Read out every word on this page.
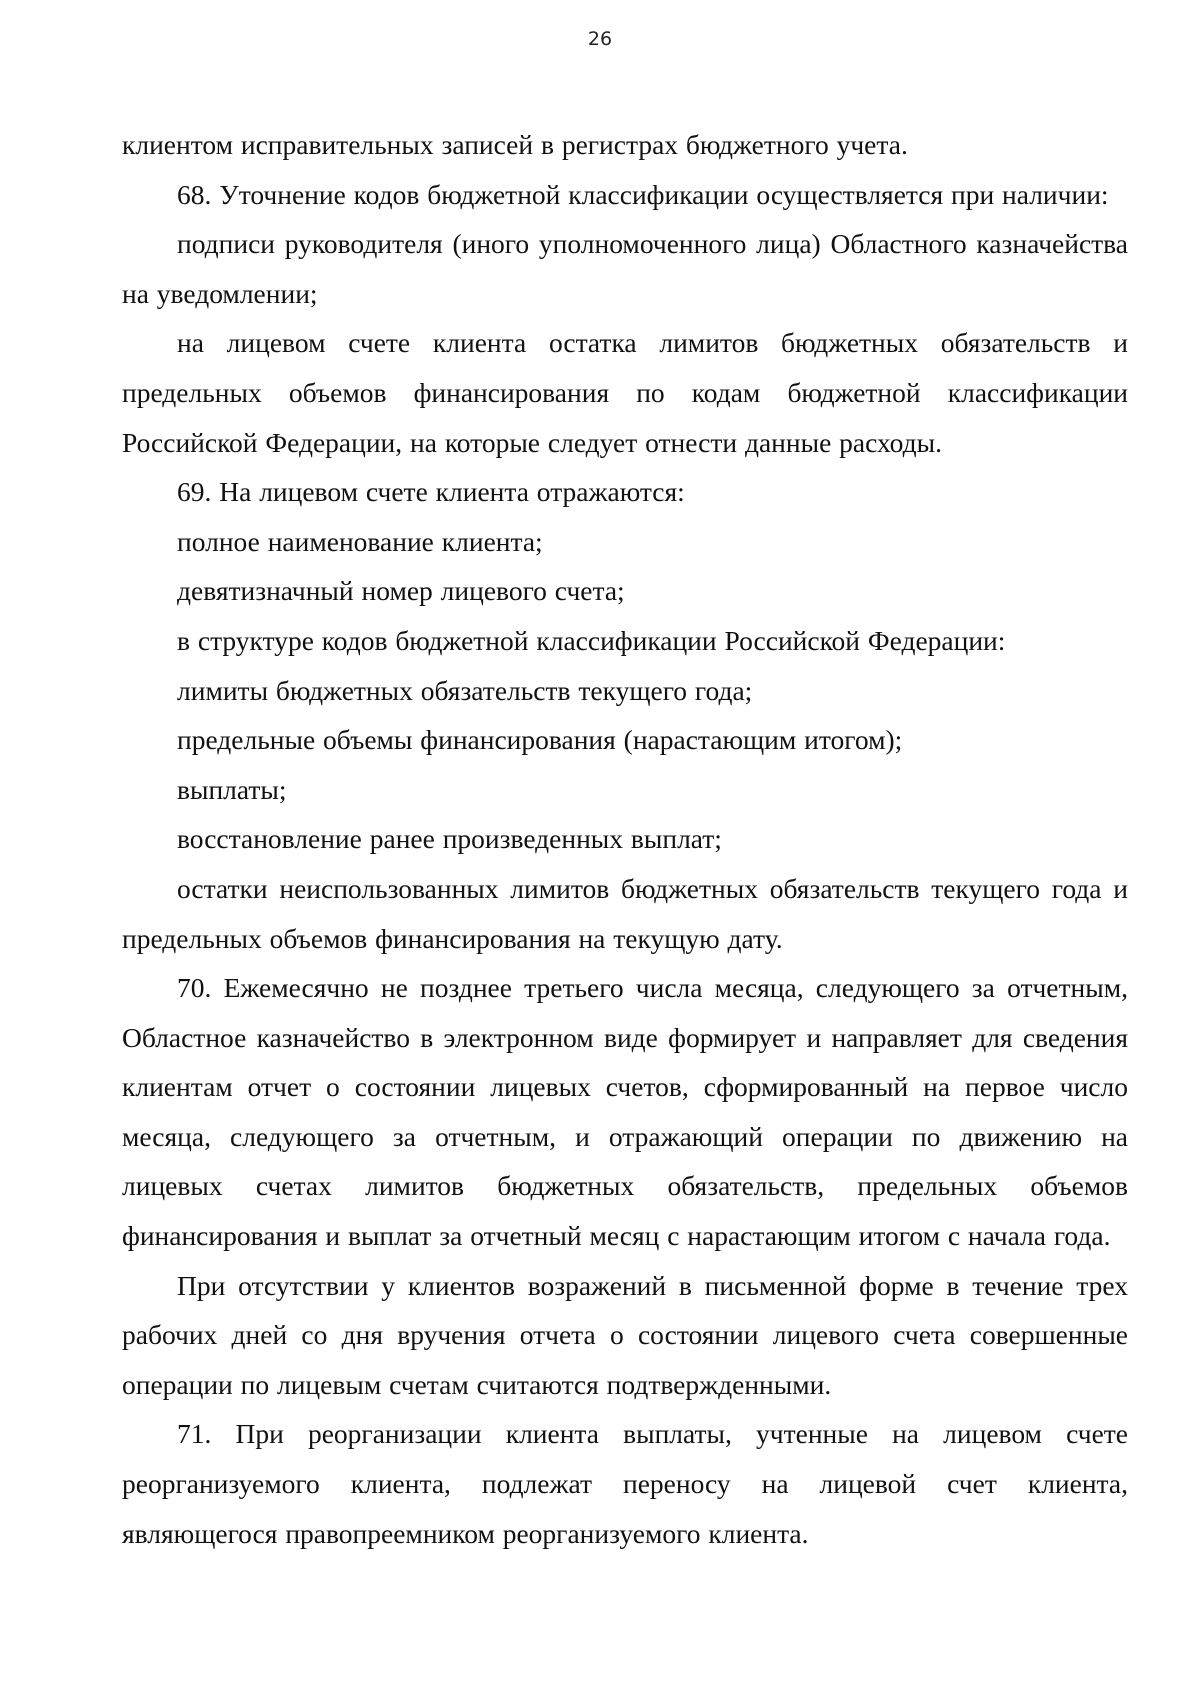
26

клиентом исправительных записей в регистрах бюджетного учета.

68. Уточнение кодов бюджетной классификации осуществляется при наличии:

подписи руководителя (иного уполномоченного лица) Областного казначейства на уведомлении;

на лицевом счете клиента остатка лимитов бюджетных обязательств и предельных объемов финансирования по кодам бюджетной классификации Российской Федерации, на которые следует отнести данные расходы.

69. На лицевом счете клиента отражаются:

полное наименование клиента;

девятизначный номер лицевого счета;

в структуре кодов бюджетной классификации Российской Федерации:

лимиты бюджетных обязательств текущего года;

предельные объемы финансирования (нарастающим итогом);

выплаты;

восстановление ранее произведенных выплат;

остатки неиспользованных лимитов бюджетных обязательств текущего года и предельных объемов финансирования на текущую дату.

70. Ежемесячно не позднее третьего числа месяца, следующего за отчетным, Областное казначейство в электронном виде формирует и направляет для сведения клиентам отчет о состоянии лицевых счетов, сформированный на первое число месяца, следующего за отчетным, и отражающий операции по движению на лицевых счетах лимитов бюджетных обязательств, предельных объемов финансирования и выплат за отчетный месяц с нарастающим итогом с начала года.

При отсутствии у клиентов возражений в письменной форме в течение трех рабочих дней со дня вручения отчета о состоянии лицевого счета совершенные операции по лицевым счетам считаются подтвержденными.

71. При реорганизации клиента выплаты, учтенные на лицевом счете реорганизуемого клиента, подлежат переносу на лицевой счет клиента, являющегося правопреемником реорганизуемого клиента.
